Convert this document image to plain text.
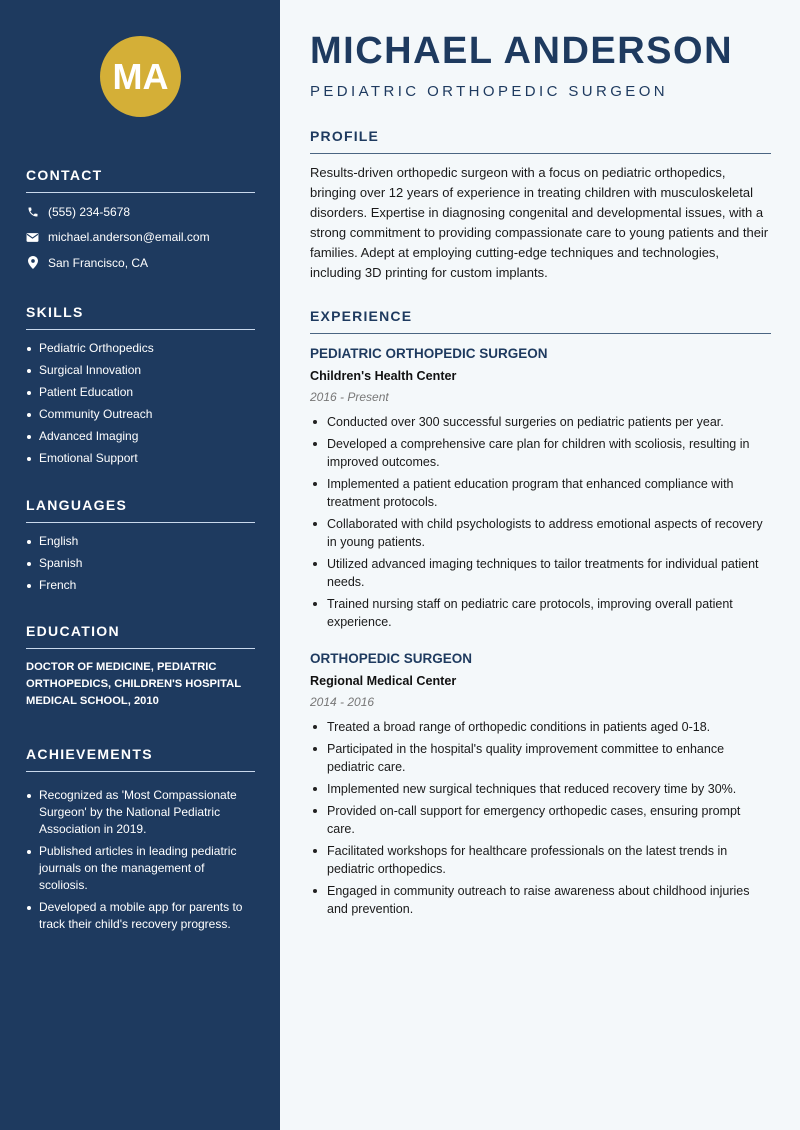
MA
CONTACT
(555) 234-5678
michael.anderson@email.com
San Francisco, CA
SKILLS
Pediatric Orthopedics
Surgical Innovation
Patient Education
Community Outreach
Advanced Imaging
Emotional Support
LANGUAGES
English
Spanish
French
EDUCATION
DOCTOR OF MEDICINE, PEDIATRIC ORTHOPEDICS, CHILDREN'S HOSPITAL MEDICAL SCHOOL, 2010
ACHIEVEMENTS
Recognized as 'Most Compassionate Surgeon' by the National Pediatric Association in 2019.
Published articles in leading pediatric journals on the management of scoliosis.
Developed a mobile app for parents to track their child's recovery progress.
MICHAEL ANDERSON
PEDIATRIC ORTHOPEDIC SURGEON
PROFILE

Results-driven orthopedic surgeon with a focus on pediatric orthopedics, bringing over 12 years of experience in treating children with musculoskeletal disorders. Expertise in diagnosing congenital and developmental issues, with a strong commitment to providing compassionate care to young patients and their families. Adept at employing cutting-edge techniques and technologies, including 3D printing for custom implants.

EXPERIENCE
PEDIATRIC ORTHOPEDIC SURGEON
Children's Health Center
2016 - Present
Conducted over 300 successful surgeries on pediatric patients per year.
Developed a comprehensive care plan for children with scoliosis, resulting in improved outcomes.
Implemented a patient education program that enhanced compliance with treatment protocols.
Collaborated with child psychologists to address emotional aspects of recovery in young patients.
Utilized advanced imaging techniques to tailor treatments for individual patient needs.
Trained nursing staff on pediatric care protocols, improving overall patient experience.
ORTHOPEDIC SURGEON
Regional Medical Center
2014 - 2016
Treated a broad range of orthopedic conditions in patients aged 0-18.
Participated in the hospital's quality improvement committee to enhance pediatric care.
Implemented new surgical techniques that reduced recovery time by 30%.
Provided on-call support for emergency orthopedic cases, ensuring prompt care.
Facilitated workshops for healthcare professionals on the latest trends in pediatric orthopedics.
Engaged in community outreach to raise awareness about childhood injuries and prevention.
